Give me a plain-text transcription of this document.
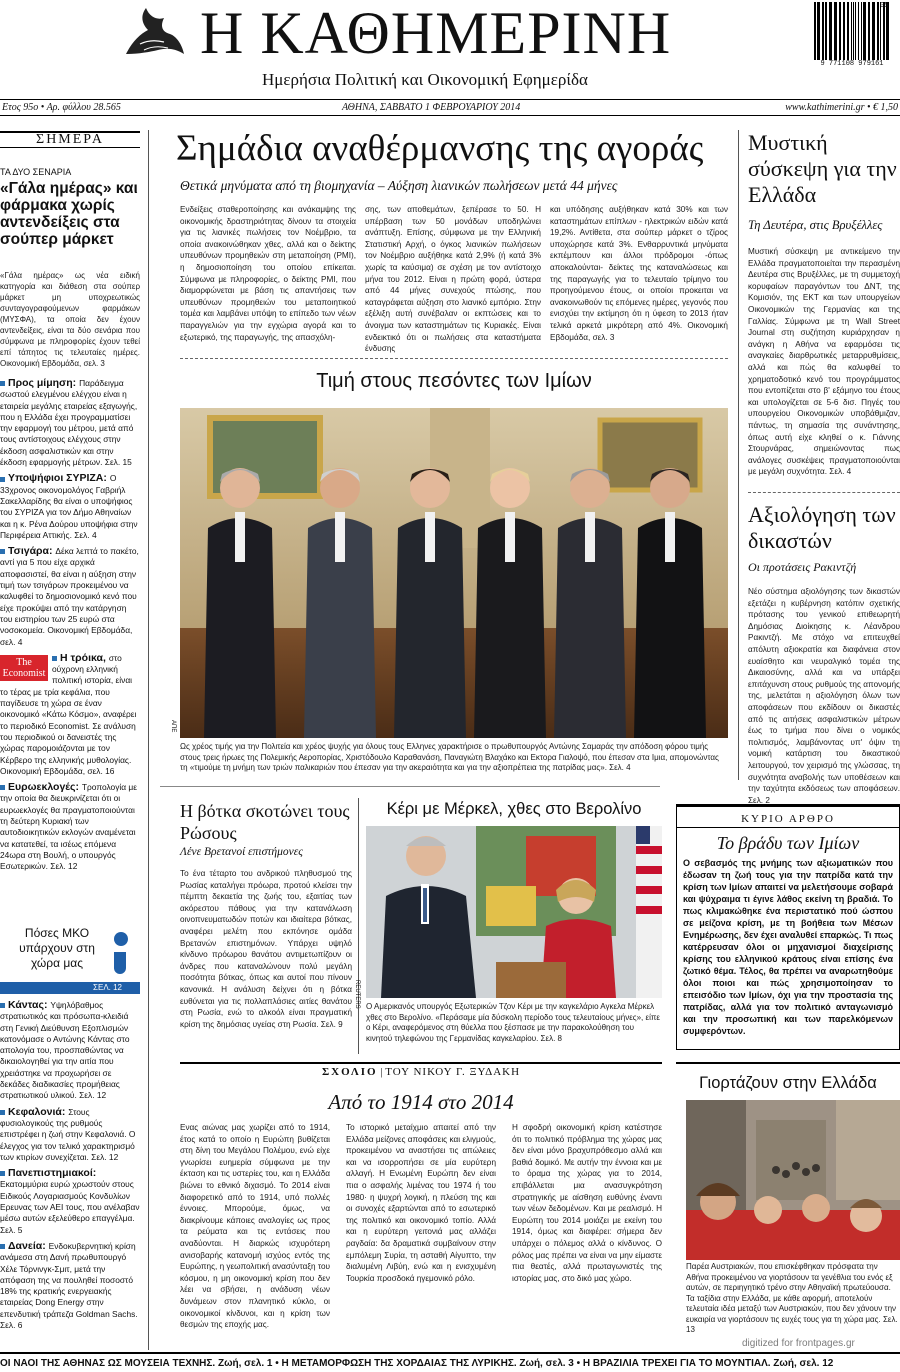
Η ΚΑΘΗΜΕΡΙΝΗ
Ημερήσια Πολιτική και Οικονομική Εφημερίδα
05
9 771108 979161
Ετος 95ο • Αρ. φύλλου 28.565	ΑΘΗΝΑ, ΣΑΒΒΑΤΟ 1 ΦΕΒΡΟΥΑΡΙΟΥ 2014	www.kathimerini.gr • € 1,50
ΣΗΜΕΡΑ
ΤΑ ΔΥΟ ΣΕΝΑΡΙΑ
«Γάλα ημέρας» και φάρμακα χωρίς αντενδείξεις στα σούπερ μάρκετ
«Γάλα ημέρας» ως νέα ειδική κατηγορία και διάθεση στα σούπερ μάρκετ μη υποχρεωτικώς συνταγογραφούμενων φαρμάκων (ΜΥΣΦΑ), τα οποία δεν έχουν αντενδείξεις, είναι τα δύο σενάρια που σύμφωνα με πληροφορίες έχουν τεθεί επί τάπητος τις τελευταίες ημέρες. Οικονομική Εβδομάδα, σελ. 3
Προς μίμηση: Παράδειγμα σωστού ελεγμένου ελέγχου είναι η εταιρεία μεγάλης εταιρείας εξαγωγής, που η Ελλάδα έχει προγραμματίσει την εφαρμογή του μέτρου, μετά από τους αντίστοιχους ελέγχους στην έκδοση ασφαλιστικών και στην έκδοση εφαρμογής μέτρων. Σελ. 15
Υποψήφιοι ΣΥΡΙΖΑ: Ο 33χρονος οικονομολόγος Γαβριήλ Σακελλαρίδης θα είναι ο υποψήφιος του ΣΥΡΙΖΑ για τον Δήμο Αθηναίων και η κ. Ρένα Δούρου υποψήφια στην Περιφέρεια Αττικής. Σελ. 4
Τσιγάρα: Δέκα λεπτά το πακέτο, αντί για 5 που είχε αρχικά αποφασιστεί, θα είναι η αύξηση στην τιμή των τσιγάρων προκειμένου να καλυφθεί το δημοσιονομικό κενό που είχε προκύψει από την κατάργηση του ειστηρίου των 25 ευρώ στα νοσοκομεία. Οικονομική Εβδομάδα, σελ. 4
Η τρόικα,
The Economist
στο ούχρονη ελληνική πολιτική ιστορία, είναι το τέρας με τρία κεφάλια, που παγίδευσε τη χώρα σε έναν οικονομικό «Κάτω Κόσμο», αναφέρει το περιοδικό Economist. Σε ανάλυση του περιοδικού οι δανειστές της χώρας παρομοιάζονται με τον Κέρβερο της ελληνικής μυθολογίας. Οικονομική Εβδομάδα, σελ. 16
Ευρωεκλογές: Τροπολογία με την οποία θα διευκρινίζεται ότι οι ευρωεκλογές θα πραγματοποιούνται τη δεύτερη Κυριακή των αυτοδιοικητικών εκλογών αναμένεται να κατατεθεί, τα ισέως επόμενα 24ωρα στη Βουλή, ο υπουργός Εσωτερικών. Σελ. 12
Πόσες ΜΚΟ υπάρχουν στη χώρα μας
ΣΕΛ. 12
Κάντας: Υψηλόβαθμος στρατιωτικός και πρόσωπα-κλειδιά στη Γενική Διεύθυνση Εξοπλισμών κατονόμασε ο Αντώνης Κάντας στο απολογία του, προσπαθώντας να δικαιολογηθεί για την αιτία που χρειάστηκε να προχωρήσει σε δεκάδες διαδικασίες προμήθειας στρατιωτικού υλικού. Σελ. 12
Κεφαλονιά: Στους φυσιολογικούς της ρυθμούς επιστρέφει η ζωή στην Κεφαλονιά. Ο έλεγχος για τον τελικό χαρακτηρισμό των κτιρίων συνεχίζεται. Σελ. 12
Πανεπιστημιακοί: Εκατομμύρια ευρώ χρωστούν στους Ειδικούς Λογαριασμούς Κονδυλίων Ερευνας των ΑΕΙ τους, που ανέλαβαν μέσω αυτών εξελεύθερο επαγγέλμα. Σελ. 5
Δανεία: Ενδοκυβερνητική κρίση ανάμεσα στη Δανή πρωθυπουργό Χέλε Τόρνινγκ-Σμιτ, μετά την απόφαση της να πουληθεί ποσοστό 18% της κρατικής ενεργειακής εταιρείας Dong Energy στην επενδυτική τράπεζα Goldman Sachs. Σελ. 6
Σημάδια αναθέρμανσης της αγοράς
Θετικά μηνύματα από τη βιομηχανία – Αύξηση λιανικών πωλήσεων μετά 44 μήνες
Ενδείξεις σταθεροποίησης και ανάκαμψης της οικονομικής δραστηριότητας δίνουν τα στοιχεία για τις λιανικές πωλήσεις τον Νοέμβριο, τα οποία ανακοινώθηκαν χθες, αλλά και ο δείκτης υπευθύνων προμηθειών στη μεταποίηση (PMI), η δημοσιοποίηση του οποίου επίκειται. Σύμφωνα με πληροφορίες, ο δείκτης PMI, που διαμορφώνεται με βάση τις απαντήσεις των υπευθύνων προμηθειών του μεταποιητικού τομέα και λαμβάνει υπόψη το επίπεδο των νέων παραγγελιών για την εγχώρια αγορά και το εξωτερικό, της παραγωγής, της απασχόλη-
σης, των αποθεμάτων, ξεπέρασε το 50. Η υπέρβαση των 50 μονάδων υποδηλώνει ανάπτυξη. Επίσης, σύμφωνα με την Ελληνική Στατιστική Αρχή, ο όγκος λιανικών πωλήσεων τον Νοέμβριο αυξήθηκε κατά 2,9% (ή κατά 3% χωρίς τα καύσιμα) σε σχέση με τον αντίστοιχο μήνα του 2012. Είναι η πρώτη φορά, ύστερα από 44 μήνες συνεχούς πτώσης, που καταγράφεται αύξηση στο λιανικό εμπόριο. Στην εξέλιξη αυτή συνέβαλαν οι εκπτώσεις και το άνοιγμα των καταστημάτων τις Κυριακές. Είναι ενδεικτικό ότι οι πωλήσεις στα καταστήματα ένδυσης
και υπόδησης αυξήθηκαν κατά 30% και των καταστημάτων επίπλων - ηλεκτρικών ειδών κατά 19,2%. Αντίθετα, στα σούπερ μάρκετ ο τζίρος υποχώρησε κατά 3%. Ενθαρρυντικά μηνύματα εκπέμπουν και άλλοι πρόδρομοι -όπως αποκαλούνται- δείκτες της καταναλώσεως και της παραγωγής για το τελευταίο τρίμηνο του προηγούμενου έτους, οι οποίοι προκειται να ανακοινωθούν τις επόμενες ημέρες, γεγονός που ενισχύει την εκτίμηση ότι η ύφεση το 2013 ήταν τελικά αρκετά μικρότερη από 4%. Οικονομική Εβδομάδα, σελ. 3
Τιμή στους πεσόντες των Ιμίων
ΑΠΕ
Ως χρέος τιμής για την Πολιτεία και χρέος ψυχής για όλους τους Ελληνες χαρακτήρισε ο πρωθυπουργός Αντώνης Σαμαράς την απόδοση φόρου τιμής στους τρεις ήρωες της Πολεμικής Αεροπορίας, Χριστόδουλο Καραθανάση, Παναγιώτη Βλαχάκο και Εκτορα Γιαλοψό, που έπεσαν στα Ιμια, απομονώντας τη «τιμούμε τη μνήμη των τριών παλικαριών που έπεσαν για την ακεραιότητα και για την αξιοπρέπεια της πατρίδας μας». Σελ. 4
Μυστική σύσκεψη για την Ελλάδα
Τη Δευτέρα, στις Βρυξέλλες
Μυστική σύσκεψη με αντικείμενο την Ελλάδα πραγματοποιείται την περασμένη Δευτέρα στις Βρυξέλλες, με τη συμμετοχή κορυφαίων παραγόντων του ΔΝΤ, της Κομισιόν, της ΕΚΤ και των υπουργείων Οικονομικών της Γερμανίας και της Γαλλίας. Σύμφωνα με τη Wall Street Journal στη συζήτηση κυριάρχησαν η ανάγκη η Αθήνα να εφαρμόσει τις αναγκαίες διαρθρωτικές μεταρρυθμίσεις, αλλά και πώς θα καλυφθεί το χρηματοδοτικό κενό του προγράμματος που εντοπίζεται στο β' εξάμηνο του έτους και υπολογίζεται σε 5-6 δισ. Πηγές του υπουργείου Οικονομικών υποβάθμιζαν, πάντως, τη σημασία της συνάντησης, όπως αυτή είχε κληθεί ο κ. Γιάννης Στουρνάρας, σημειώνοντας πως ανάλογες συσκέψεις πραγματοποιούνται με μεγάλη συχνότητα. Σελ. 4
Αξιολόγηση των δικαστών
Οι προτάσεις Ρακιντζή
Νέο σύστημα αξιολόγησης των δικαστών εξετάζει η κυβέρνηση κατόπιν σχετικής πρότασης του γενικού επιθεωρητή Δημόσιας Διοίκησης κ. Λέανδρου Ρακιντζή. Με στόχο να επιτευχθεί απόλυτη αξιοκρατία και διαφάνεια στον ευαίσθητο και νευραλγικό τομέα της Δικαιοσύνης, αλλά και να υπάρξει επιτάχυνση στους ρυθμούς της απονομής της, μελετάται η αξιολόγηση όλων των αποφάσεων που εκδίδουν οι δικαστές από τις αιτήσεις ασφαλιστικών μέτρων έως το τμήμα που δίνει ο νομικός πολιτισμός, λαμβάνοντας υπ' όψιν τη νομική κατάρτιση του δικαστικού λειτουργού, τον χειρισμό της γλώσσας, τη συχνότητα αναβολής των υποθέσεων και την ταχύτητα εκδόσεως των αποφάσεων. Σελ. 2
Η βότκα σκοτώνει τους Ρώσους
Λένε Βρετανοί επιστήμονες
Το ένα τέταρτο του ανδρικού πληθυσμού της Ρωσίας καταλήγει πρόωρα, προτού κλείσει την πέμπτη δεκαετία της ζωής του, εξαιτίας των ακόρεστου πάθους για την κατανάλωση οινοπνευματωδών ποτών και ιδιαίτερα βότκας, αναφέρει μελέτη που εκπόνησε ομάδα Βρετανών επιστημόνων. Υπάρχει υψηλό κίνδυνο πρόωρου θανάτου αντιμετωπίζουν οι άνδρες που καταναλώνουν πολύ μεγάλη ποσότητα βότκας, όπως και αυτοί που πίνουν κανονικά. Η ανάλυση δείχνει ότι η βότκα ευθύνεται για τις πολλαπλάσιες αιτίες θανάτου στη Ρωσία, ενώ το αλκοόλ είναι πραγματική κρίση της δημόσιας υγείας στη Ρωσία. Σελ. 9
Κέρι με Μέρκελ, χθες στο Βερολίνο
REUTERS Ο Αμερικανός υπουργός Εξωτερικών Τζον Κέρι με την καγκελάριο Αγκελα Μέρκελ χθες στο Βερολίνο. «Περάσαμε μία δύσκολη περίοδο τους τελευταίους μήνες», είπε ο Κέρι, αναφερόμενος στη θύελλα που ξέσπασε με την παρακολούθηση του κινητού τηλεφώνου της Γερμανίδας καγκελαρίου. Σελ. 8
ΚΥΡΙΟ ΑΡΘΡΟ
Το βράδυ των Ιμίων
Ο σεβασμός της μνήμης των αξιωματικών που έδωσαν τη ζωή τους για την πατρίδα κατά την κρίση των Ιμίων απαιτεί να μελετήσουμε σοβαρά και ψύχραιμα τι έγινε λάθος εκείνη τη βραδιά. Το πως κλιμακώθηκε ένα περιστατικό πού ώσπου σε μείζονα κρίση, με τη βοήθεια των Μέσων Ενημέρωσης, δεν έχει αναλυθεί επαρκώς. Τι πως κατέρρευσαν όλοι οι μηχανισμοί διαχείρισης κρίσης του ελληνικού κράτους είναι επίσης ένα ζωτικό θέμα. Τέλος, θα πρέπει να αναρωτηθούμε όλοι ποιοι και πώς χρησιμοποίησαν το επεισόδιο των Ιμίων, όχι για την προστασία της πατρίδας, αλλά για τον πολιτικό ανταγωνισμό και την προσωπική και των παρελκόμενων συμφερόντων.
ΣΧΟΛΙΟ | ΤΟΥ ΝΙΚΟΥ Γ. ΞΥΔΑΚΗ
Από το 1914 στο 2014
Ενας αιώνας μας χωρίζει από το 1914, έτος κατά το οποίο η Ευρώπη βυθίζεται στη δίνη του Μεγάλου Πολέμου, ενώ είχε γνωρίσει ευημερία σύμφωνα με την έκταση και τις υστερίες του, και η Ελλάδα βιώνει το εθνικό διχασμό. Το 2014 είναι διαφορετικό από το 1914, υπό πολλές έννοιες. Μπορούμε, όμως, να διακρίνουμε κάποιες αναλογίες ως προς τα ρεύματα και τις εντάσεις που αναδύονται. Η διαρκώς ισχυρότερη ανισοβαρής κατανομή ισχύος εντός της Ευρώπης, η γεωπολιτική ανασύνταξη του κόσμου, η μη οικονομική κρίση που δεν λέει να σβήσει, η ανάδυση νέων δυνάμεων στον πλανητικό κύκλο, οι οικονομικοί κίνδυνοι, και η κρίση των θεσμών της εποχής μας.
Το ιστορικό μεταίχμιο απαιτεί από την Ελλάδα μείζονες αποφάσεις και ελιγμούς, προκειμένου να αναστήσει τις απώλειες και να ισορροπήσει σε μία ευρύτερη αλλαγή. Η Ενωμένη Ευρώπη δεν είναι πια ο ασφαλής λιμένας του 1974 ή του 1980· η ψυχρή λογική, η πλεύση της και οι συνοχές εξαρτώνται από το εσωτερικό της πολιτικό και οικονομικό τοπίο. Αλλά και η ευρύτερη γειτονιά μας αλλάζει ραγδαία: δα δραματικά συμβαίνουν στην εμπόλεμη Συρία, τη ασταθή Αίγυπτο, την διαλυμένη Λιβύη, ενώ και η ενισχυμένη Τουρκία προσδοκά ηγεμονικό ρόλο.
Η σφοδρή οικονομική κρίση κατέστησε ότι το πολιτικό πρόβλημα της χώρας μας δεν είναι μόνο βραχυπρόθεσμο αλλά και βαθιά δομικό. Με αυτήν την έννοια και με το όραμα της χώρας για το 2014, επιβάλλεται μια ανασυγκρότηση στρατηγικής με αίσθηση ευθύνης έναντι των νέων δεδομένων. Και με ρεαλισμό. Η Ευρώπη του 2014 μοιάζει με εκείνη του 1914, όμως και διαφέρει: σήμερα δεν υπάρχει ο πόλεμος αλλά ο κίνδυνος. Ο ρόλος μας πρέπει να είναι να μην είμαστε πια θεατές, αλλά πρωταγωνιστές της ιστορίας μας, στο δικό μας χώρο.
Γιορτάζουν στην Ελλάδα
Παρέα Αυστριακών, που επισκέφθηκαν πρόσφατα την Αθήνα προκειμένου να γιορτάσουν τα γενέθλια του ενός εξ αυτών, σε περιηγητικό τρένο στην Αθηναϊκή πρωτεύουσα. Τα ταξίδια στην Ελλάδα, με κάθε αφορμή, αποτελούν τελευταία ιδέα μεταξύ των Αυστριακών, που δεν χάνουν την ευκαιρία να γιορτάσουν τις ευχές τους για τη χώρα μας. Σελ. 13
ΟΙ ΝΑΟΙ ΤΗΣ ΑΘΗΝΑΣ ΩΣ ΜΟΥΣΕΙΑ ΤΕΧΝΗΣ. Ζωή, σελ. 1 • Η ΜΕΤΑΜΟΡΦΩΣΗ ΤΗΣ ΧΟΡΔΑΙΑΣ ΤΗΣ ΛΥΡΙΚΗΣ. Ζωή, σελ. 3 • Η ΒΡΑΖΙΛΙΑ ΤΡΕΧΕΙ ΓΙΑ ΤΟ ΜΟΥΝΤΙΑΛ. Ζωή, σελ. 12
digitized for frontpages.gr
